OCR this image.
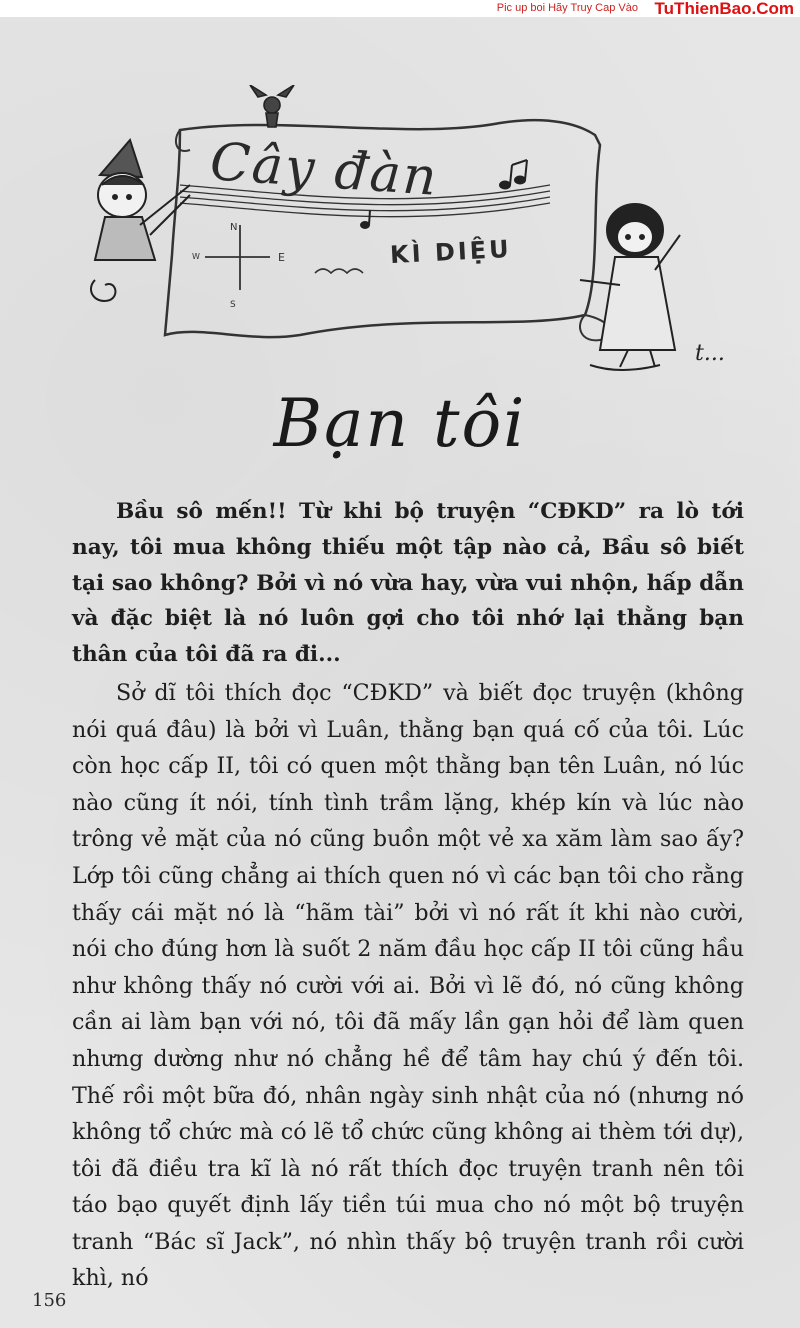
Pic up boi Hãy Truy Cap Vào TuThienBao.Com
N
E
W
S
t...
Cây đàn
KÌ DIỆU
Bạn tôi

Bầu sô mến!! Từ khi bộ truyện “CĐKD” ra lò tới nay, tôi mua không thiếu một tập nào cả, Bầu sô biết tại sao không? Bởi vì nó vừa hay, vừa vui nhộn, hấp dẫn và đặc biệt là nó luôn gợi cho tôi nhớ lại thằng bạn thân của tôi đã ra đi...

Sở dĩ tôi thích đọc “CĐKD” và biết đọc truyện (không nói quá đâu) là bởi vì Luân, thằng bạn quá cố của tôi. Lúc còn học cấp II, tôi có quen một thằng bạn tên Luân, nó lúc nào cũng ít nói, tính tình trầm lặng, khép kín và lúc nào trông vẻ mặt của nó cũng buồn một vẻ xa xăm làm sao ấy? Lớp tôi cũng chẳng ai thích quen nó vì các bạn tôi cho rằng thấy cái mặt nó là “hãm tài” bởi vì nó rất ít khi nào cười, nói cho đúng hơn là suốt 2 năm đầu học cấp II tôi cũng hầu như không thấy nó cười với ai. Bởi vì lẽ đó, nó cũng không cần ai làm bạn với nó, tôi đã mấy lần gạn hỏi để làm quen nhưng dường như nó chẳng hề để tâm hay chú ý đến tôi. Thế rồi một bữa đó, nhân ngày sinh nhật của nó (nhưng nó không tổ chức mà có lẽ tổ chức cũng không ai thèm tới dự), tôi đã điều tra kĩ là nó rất thích đọc truyện tranh nên tôi táo bạo quyết định lấy tiền túi mua cho nó một bộ truyện tranh “Bác sĩ Jack”, nó nhìn thấy bộ truyện tranh rồi cười khì, nó

156
